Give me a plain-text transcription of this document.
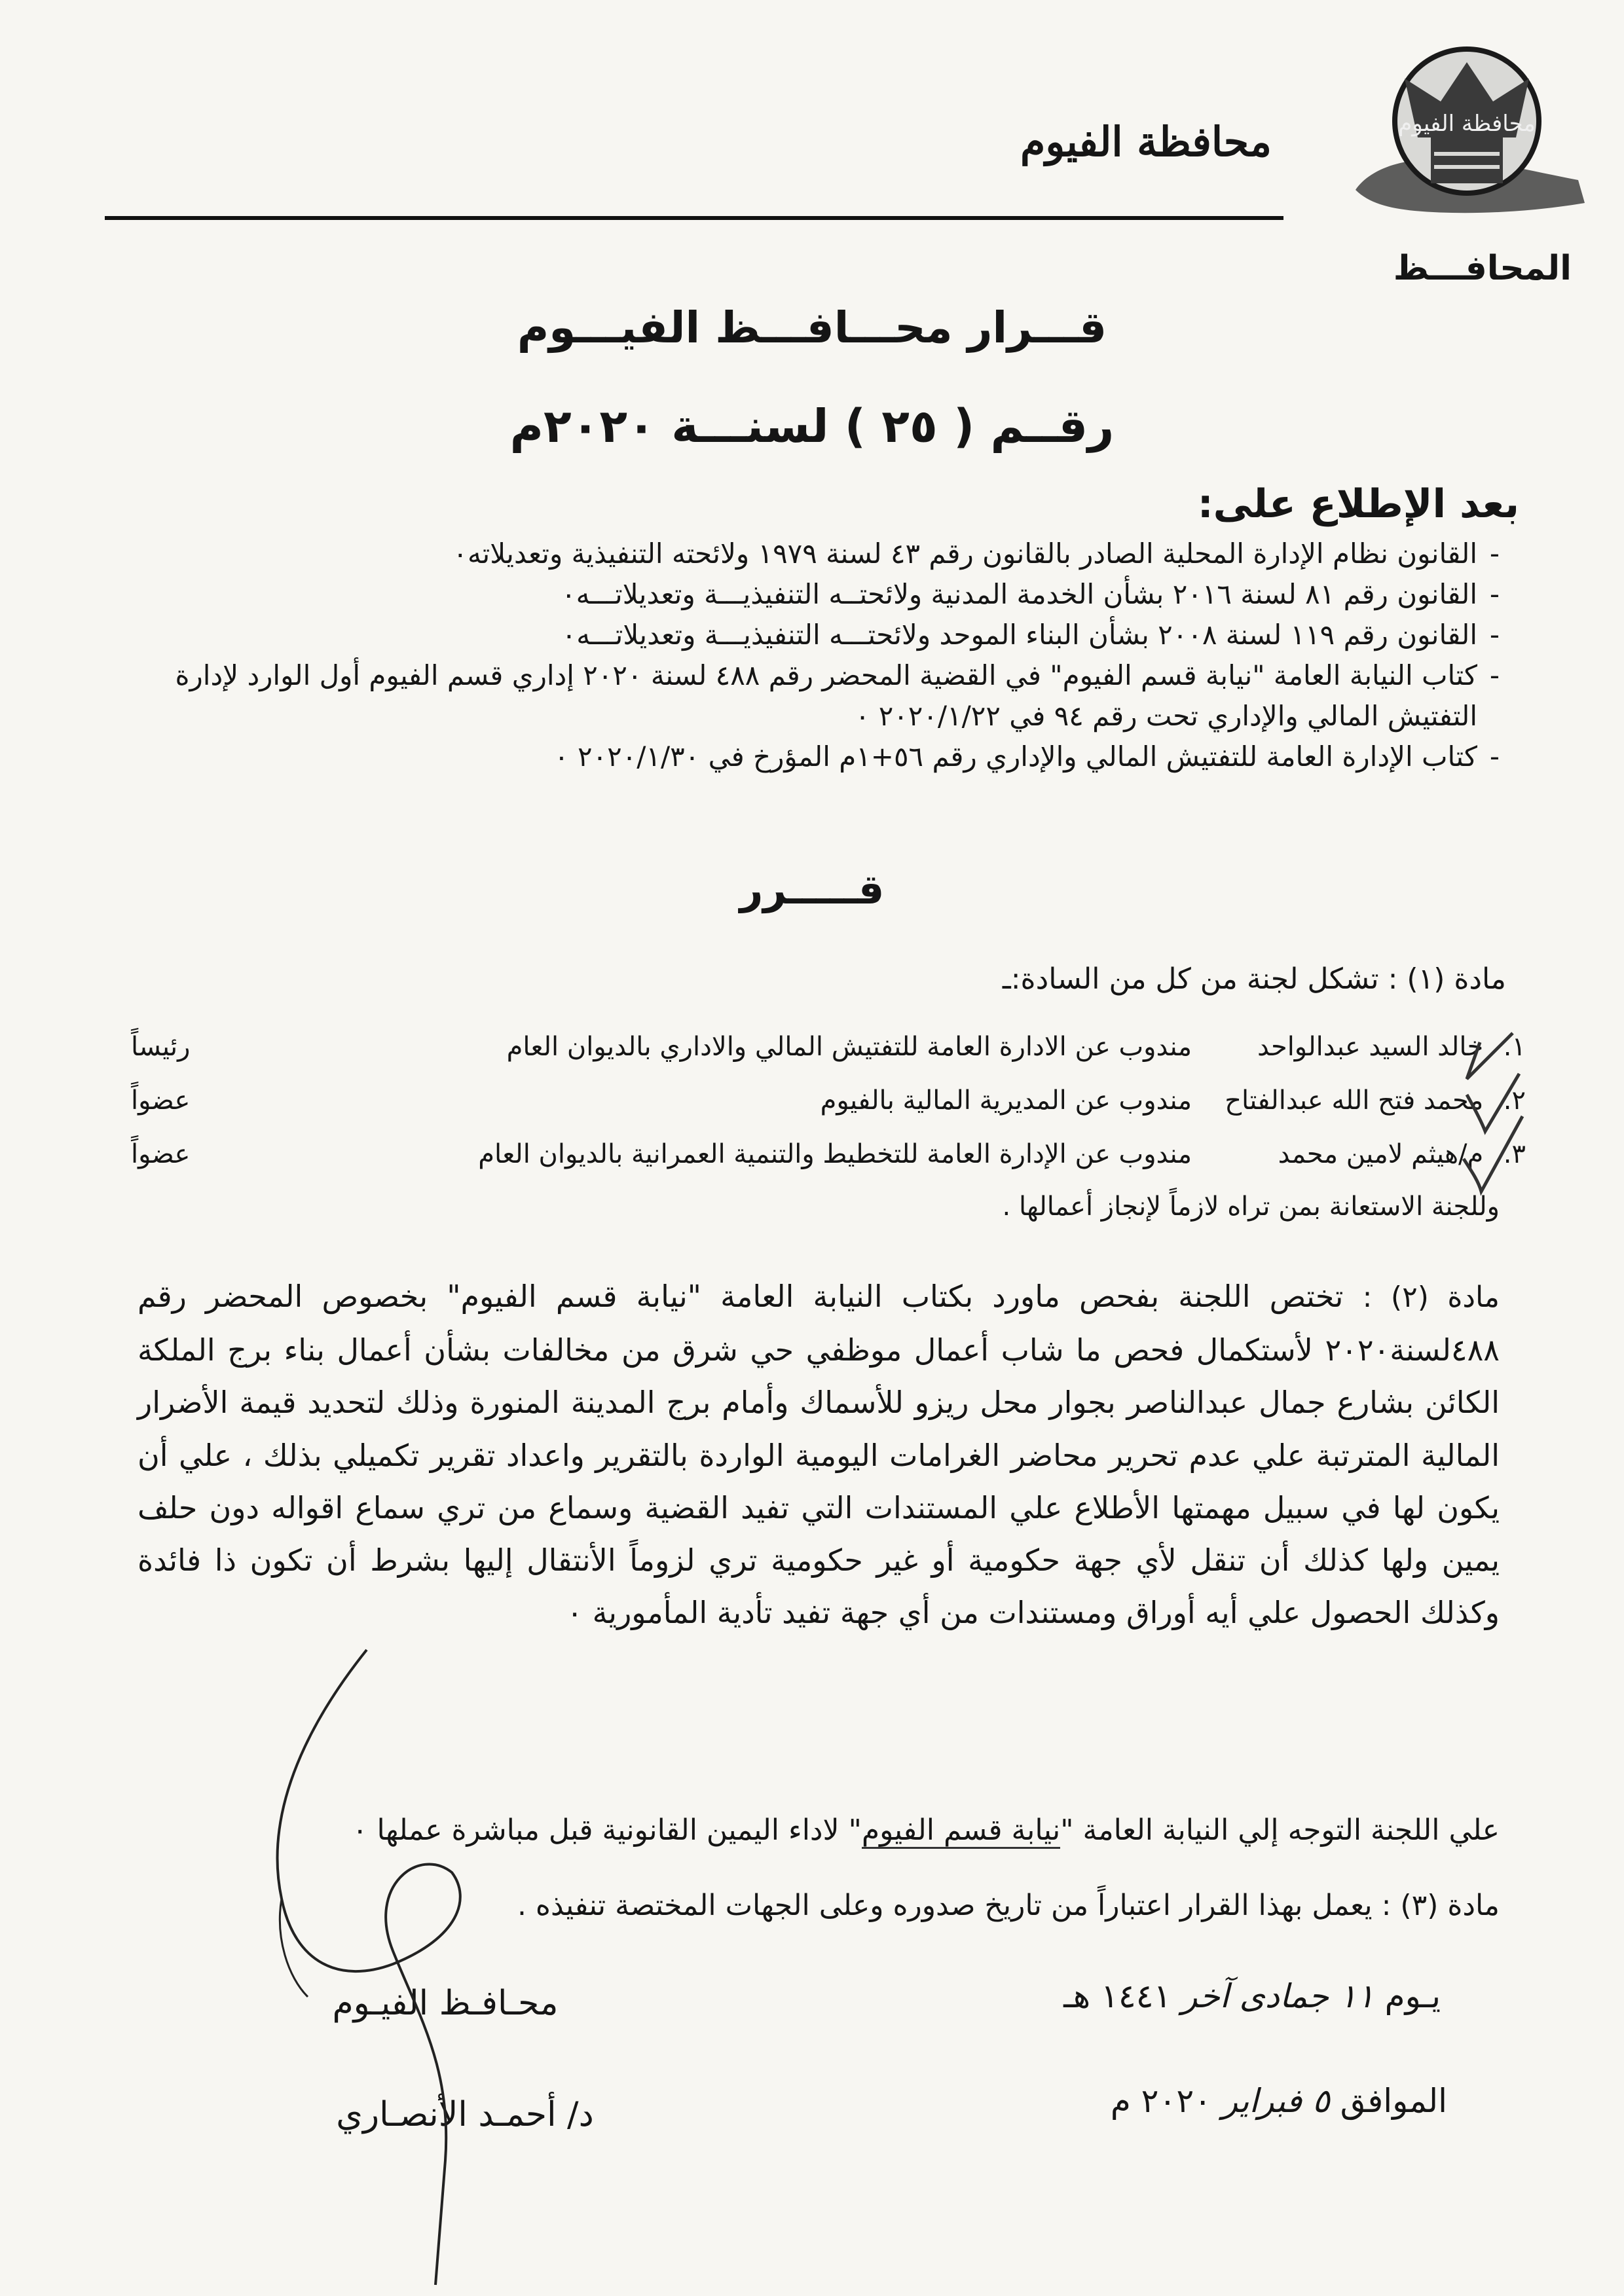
محافظة الفيوم
محافظة الفيوم
المحافـــظ
قـــرار محـــافـــظ الفيـــوم
رقــم ( ٢٥ ) لسنـــة ٢٠٢٠م
بعد الإطلاع على:
- القانون نظام الإدارة المحلية الصادر بالقانون رقم ٤٣ لسنة ١٩٧٩ ولائحته التنفيذية وتعديلاته٠
- القانون رقم ٨١ لسنة ٢٠١٦ بشأن الخدمة المدنية ولائحتــه التنفيذيـــة وتعديلاتـــه٠
- القانون رقم ١١٩ لسنة ٢٠٠٨ بشأن البناء الموحد ولائحتـــه التنفيذيـــة وتعديلاتـــه٠
- كتاب النيابة العامة "نيابة قسم الفيوم" في القضية المحضر رقم ٤٨٨ لسنة ٢٠٢٠ إداري قسم الفيوم أول الوارد لإدارة التفتيش المالي والإداري تحت رقم ٩٤ في ٢٠٢٠/١/٢٢ ٠
- كتاب الإدارة العامة للتفتيش المالي والإداري رقم ٥٦+١م المؤرخ في ٢٠٢٠/١/٣٠ ٠
قـــــرر
مادة (١) : تشكل لجنة من كل من السادة:ـ
١. خالد السيد عبدالواحد	مندوب عن الادارة العامة للتفتيش المالي والاداري بالديوان العام	رئيساً
٢. محمد فتح الله عبدالفتاح	مندوب عن المديرية المالية بالفيوم	عضواً
٣. م/هيثم لامين محمد	مندوب عن الإدارة العامة للتخطيط والتنمية العمرانية بالديوان العام	عضواً
وللجنة الاستعانة بمن تراه لازماً لإنجاز أعمالها .

مادة (٢) : تختص اللجنة بفحص ماورد بكتاب النيابة العامة "نيابة قسم الفيوم" بخصوص المحضر رقم ٤٨٨لسنة٢٠٢٠ لأستكمال فحص ما شاب أعمال موظفي حي شرق من مخالفات بشأن أعمال بناء برج الملكة الكائن بشارع جمال عبدالناصر بجوار محل ريزو للأسماك وأمام برج المدينة المنورة وذلك لتحديد قيمة الأضرار المالية المترتبة علي عدم تحرير محاضر الغرامات اليومية الواردة بالتقرير واعداد تقرير تكميلي بذلك ، علي أن يكون لها في سبيل مهمتها الأطلاع علي المستندات التي تفيد القضية وسماع من تري سماع اقواله دون حلف يمين ولها كذلك أن تنقل لأي جهة حكومية أو غير حكومية تري لزوماً الأنتقال إليها بشرط أن تكون ذا فائدة وكذلك الحصول علي أيه أوراق ومستندات من أي جهة تفيد تأدية المأمورية ٠

علي اللجنة التوجه إلي النيابة العامة "نيابة قسم الفيوم" لاداء اليمين القانونية قبل مباشرة عملها ٠
مادة (٣) : يعمل بهذا القرار اعتباراً من تاريخ صدوره وعلى الجهات المختصة تنفيذه .
يـوم ١١ جمادى آخر ١٤٤١ هـ
الموافق ٥ فبراير ٢٠٢٠ م
محـافـظ الفيـوم
د/ أحمـد الأنصـاري
